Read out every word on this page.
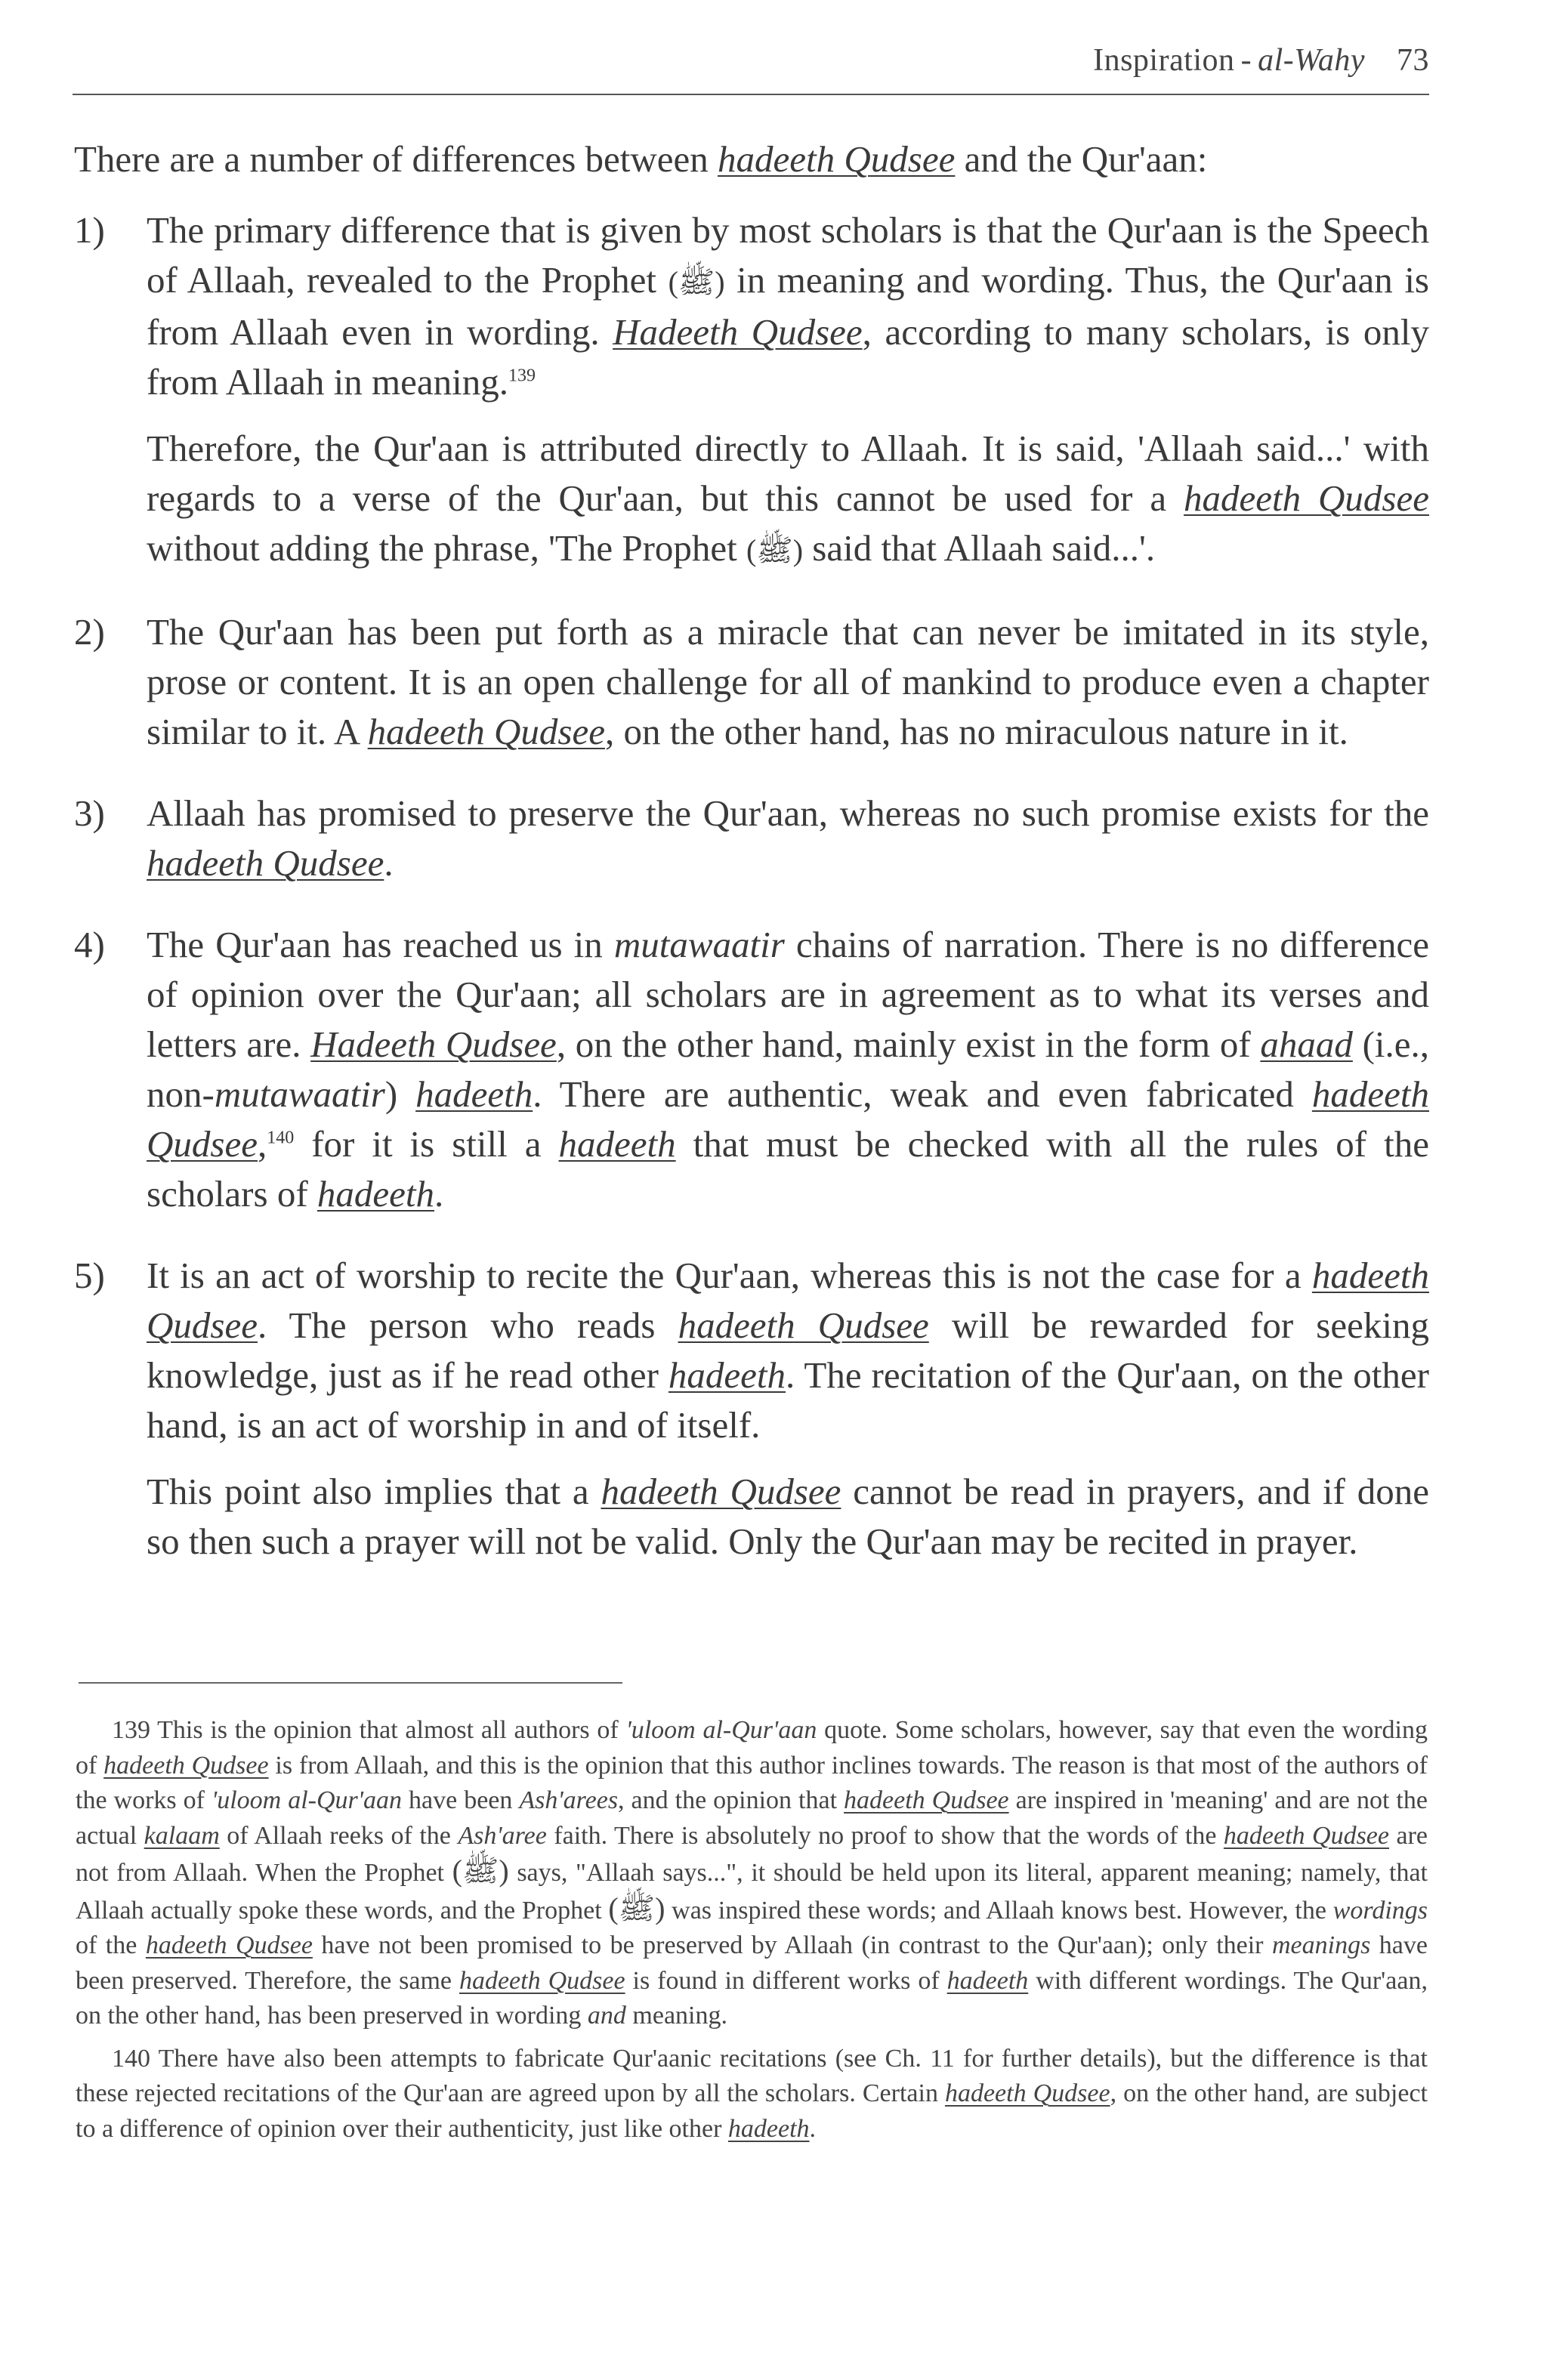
Inspiration - al-Wahy 73

There are a number of differences between hadeeth Qudsee and the Qur'aan:

1)	The primary difference that is given by most scholars is that the Qur'aan is the Speech of Allaah, revealed to the Prophet (ﷺ) in meaning and wording. Thus, the Qur'aan is from Allaah even in wording. Hadeeth Qudsee, according to many scholars, is only from Allaah in meaning.$^{139}$

Therefore, the Qur'aan is attributed directly to Allaah. It is said, 'Allaah said...' with regards to a verse of the Qur'aan, but this cannot be used for a hadeeth Qudsee without adding the phrase, 'The Prophet (ﷺ) said that Allaah said...'.

2)	The Qur'aan has been put forth as a miracle that can never be imitated in its style, prose or content. It is an open challenge for all of mankind to produce even a chapter similar to it. A hadeeth Qudsee, on the other hand, has no miraculous nature in it.

3)	Allaah has promised to preserve the Qur'aan, whereas no such promise exists for the hadeeth Qudsee.

4)	The Qur'aan has reached us in mutawaatir chains of narration. There is no difference of opinion over the Qur'aan; all scholars are in agreement as to what its verses and letters are. Hadeeth Qudsee, on the other hand, mainly exist in the form of ahaad (i.e., non-mutawaatir) hadeeth. There are authentic, weak and even fabricated hadeeth Qudsee,$^{140}$ for it is still a hadeeth that must be checked with all the rules of the scholars of hadeeth.

5)	It is an act of worship to recite the Qur'aan, whereas this is not the case for a hadeeth Qudsee. The person who reads hadeeth Qudsee will be rewarded for seeking knowledge, just as if he read other hadeeth. The recitation of the Qur'aan, on the other hand, is an act of worship in and of itself.

This point also implies that a hadeeth Qudsee cannot be read in prayers, and if done so then such a prayer will not be valid. Only the Qur'aan may be recited in prayer.

139 This is the opinion that almost all authors of 'uloom al-Qur'aan quote. Some scholars, however, say that even the wording of hadeeth Qudsee is from Allaah, and this is the opinion that this author inclines towards. The reason is that most of the authors of the works of 'uloom al-Qur'aan have been Ash'arees, and the opinion that hadeeth Qudsee are inspired in 'meaning' and are not the actual kalaam of Allaah reeks of the Ash'aree faith. There is absolutely no proof to show that the words of the hadeeth Qudsee are not from Allaah. When the Prophet (ﷺ) says, "Allaah says...", it should be held upon its literal, apparent meaning; namely, that Allaah actually spoke these words, and the Prophet (ﷺ) was inspired these words; and Allaah knows best. However, the wordings of the hadeeth Qudsee have not been promised to be preserved by Allaah (in contrast to the Qur'aan); only their meanings have been preserved. Therefore, the same hadeeth Qudsee is found in different works of hadeeth with different wordings. The Qur'aan, on the other hand, has been preserved in wording and meaning.

140 There have also been attempts to fabricate Qur'aanic recitations (see Ch. 11 for further details), but the difference is that these rejected recitations of the Qur'aan are agreed upon by all the scholars. Certain hadeeth Qudsee, on the other hand, are subject to a difference of opinion over their authenticity, just like other hadeeth.
